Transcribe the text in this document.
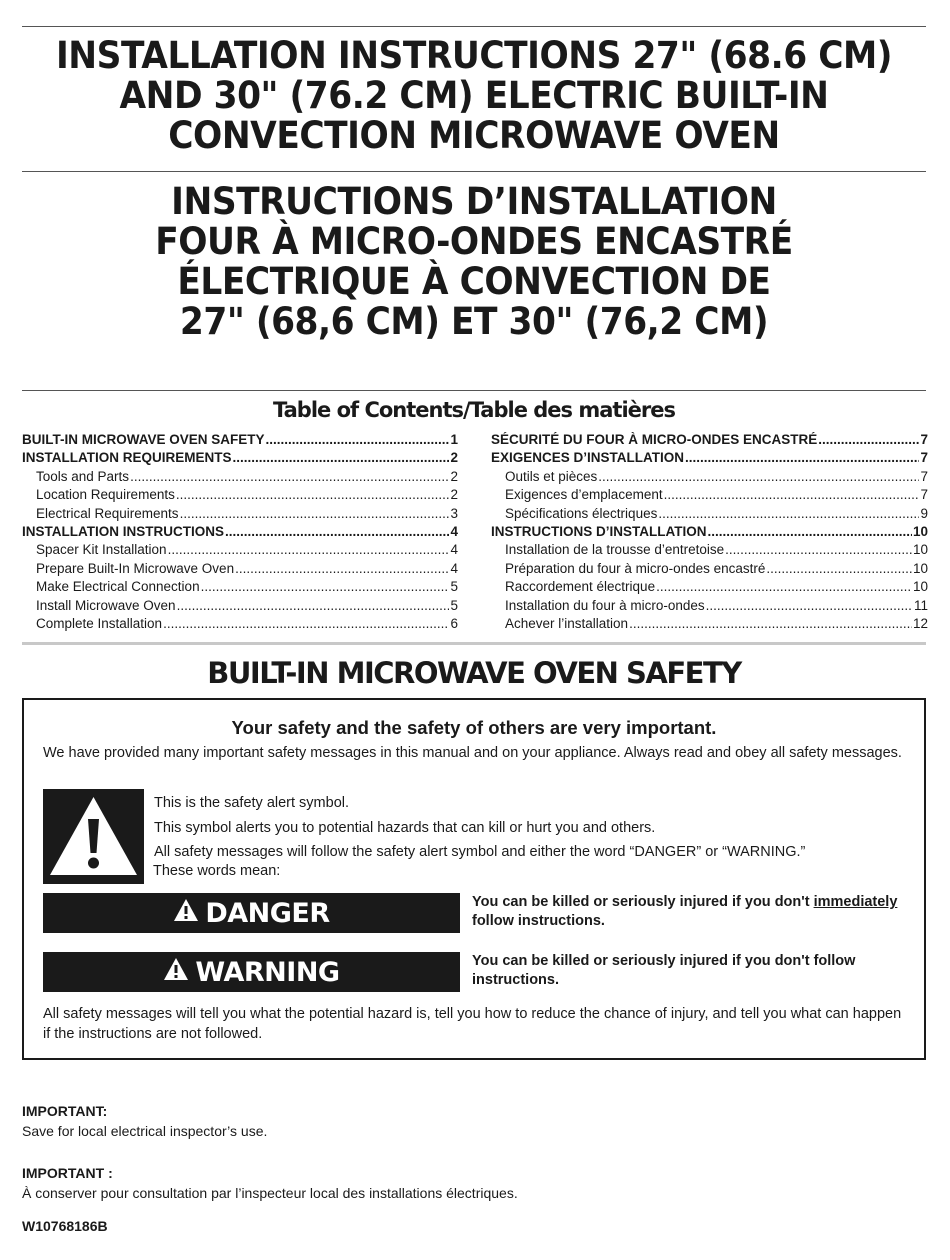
INSTALLATION INSTRUCTIONS 27" (68.6 CM)
AND 30" (76.2 CM) ELECTRIC BUILT-IN
CONVECTION MICROWAVE OVEN
INSTRUCTIONS D’INSTALLATION
FOUR À MICRO-ONDES ENCASTRÉ
ÉLECTRIQUE À CONVECTION DE
27" (68,6 CM) ET 30" (76,2 CM)
Table of Contents/Table des matières
BUILT-IN MICROWAVE OVEN SAFETY .....	1
INSTALLATION REQUIREMENTS .....	2
Tools and Parts .....	2
Location Requirements .....	2
Electrical Requirements .....	3
INSTALLATION INSTRUCTIONS .....	4
Spacer Kit Installation .....	4
Prepare Built-In Microwave Oven .....	4
Make Electrical Connection .....	5
Install Microwave Oven .....	5
Complete Installation .....	6
SÉCURITÉ DU FOUR À MICRO-ONDES ENCASTRÉ .....	7
EXIGENCES D’INSTALLATION .....	7
Outils et pièces .....	7
Exigences d’emplacement .....	7
Spécifications électriques .....	9
INSTRUCTIONS D’INSTALLATION .....	10
Installation de la trousse d’entretoise .....	10
Préparation du four à micro-ondes encastré .....	10
Raccordement électrique .....	10
Installation du four à micro-ondes .....	11
Achever l’installation .....	12
BUILT-IN MICROWAVE OVEN SAFETY
Your safety and the safety of others are very important.
We have provided many important safety messages in this manual and on your appliance. Always read and obey all safety messages.
This is the safety alert symbol.
This symbol alerts you to potential hazards that can kill or hurt you and others.
All safety messages will follow the safety alert symbol and either the word “DANGER” or “WARNING.”
These words mean:
DANGER	You can be killed or seriously injured if you don't immediately follow instructions.
WARNING	You can be killed or seriously injured if you don't follow instructions.
All safety messages will tell you what the potential hazard is, tell you how to reduce the chance of injury, and tell you what can happen if the instructions are not followed.
IMPORTANT:
Save for local electrical inspector’s use.
IMPORTANT :
À conserver pour consultation par l’inspecteur local des installations électriques.
W10768186B
